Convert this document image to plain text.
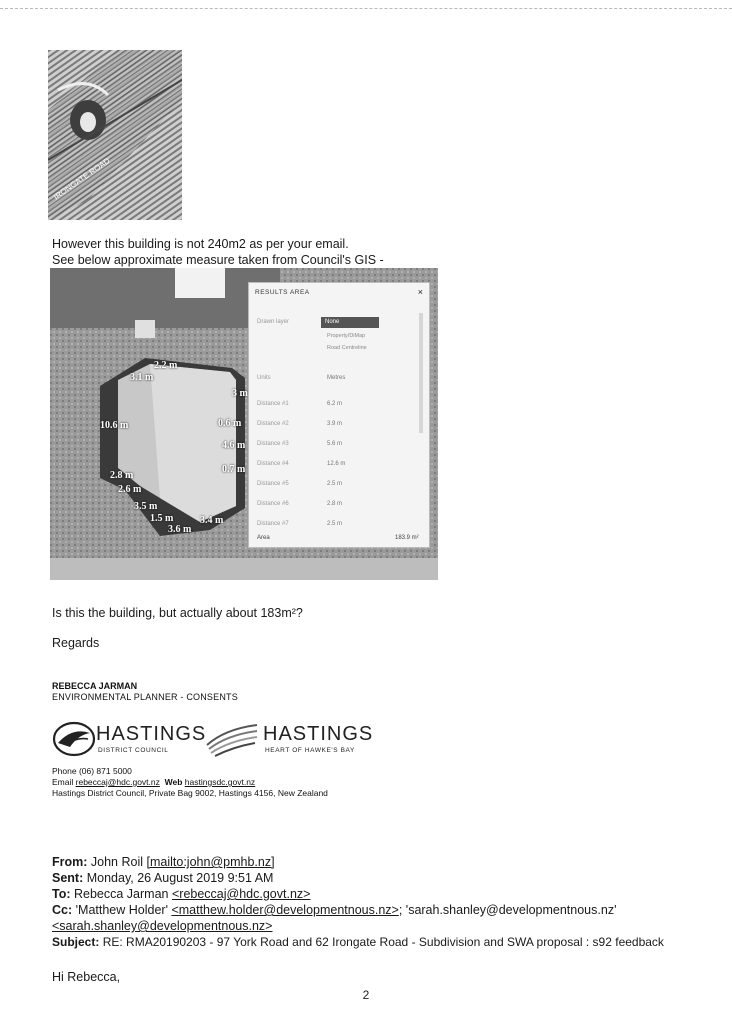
IRONGATE ROAD
However this building is not 240m2 as per your email.
See below approximate measure taken from Council's GIS -
2.2 m
3.1 m
10.6 m
2.8 m
2.6 m
3.5 m
1.5 m
3.6 m
3.4 m
3 m
0.6 m
4.6 m
0.7 m
RESULTS AREA	×
Drawn layer	None
Property/DiMap
Road Centreline
Units	Metres
Distance #1	6.2 m
Distance #2	3.9 m
Distance #3	5.6 m
Distance #4	12.6 m
Distance #5	2.5 m
Distance #6	2.8 m
Distance #7	2.5 m
Area	183.9 m²
Is this the building, but actually about 183m²?
Regards
REBECCA JARMAN
ENVIRONMENTAL PLANNER - CONSENTS
HASTINGS
DISTRICT COUNCIL
HASTINGS
HEART OF HAWKE'S BAY
Phone (06) 871 5000
Email rebeccaj@hdc.govt.nz Web hastingsdc.govt.nz
Hastings District Council, Private Bag 9002, Hastings 4156, New Zealand
From: John Roil [mailto:john@pmhb.nz]
Sent: Monday, 26 August 2019 9:51 AM
To: Rebecca Jarman <rebeccaj@hdc.govt.nz>
Cc: 'Matthew Holder' <matthew.holder@developmentnous.nz>; 'sarah.shanley@developmentnous.nz'
<sarah.shanley@developmentnous.nz>
Subject: RE: RMA20190203 - 97 York Road and 62 Irongate Road - Subdivision and SWA proposal : s92 feedback
Hi Rebecca,
2
